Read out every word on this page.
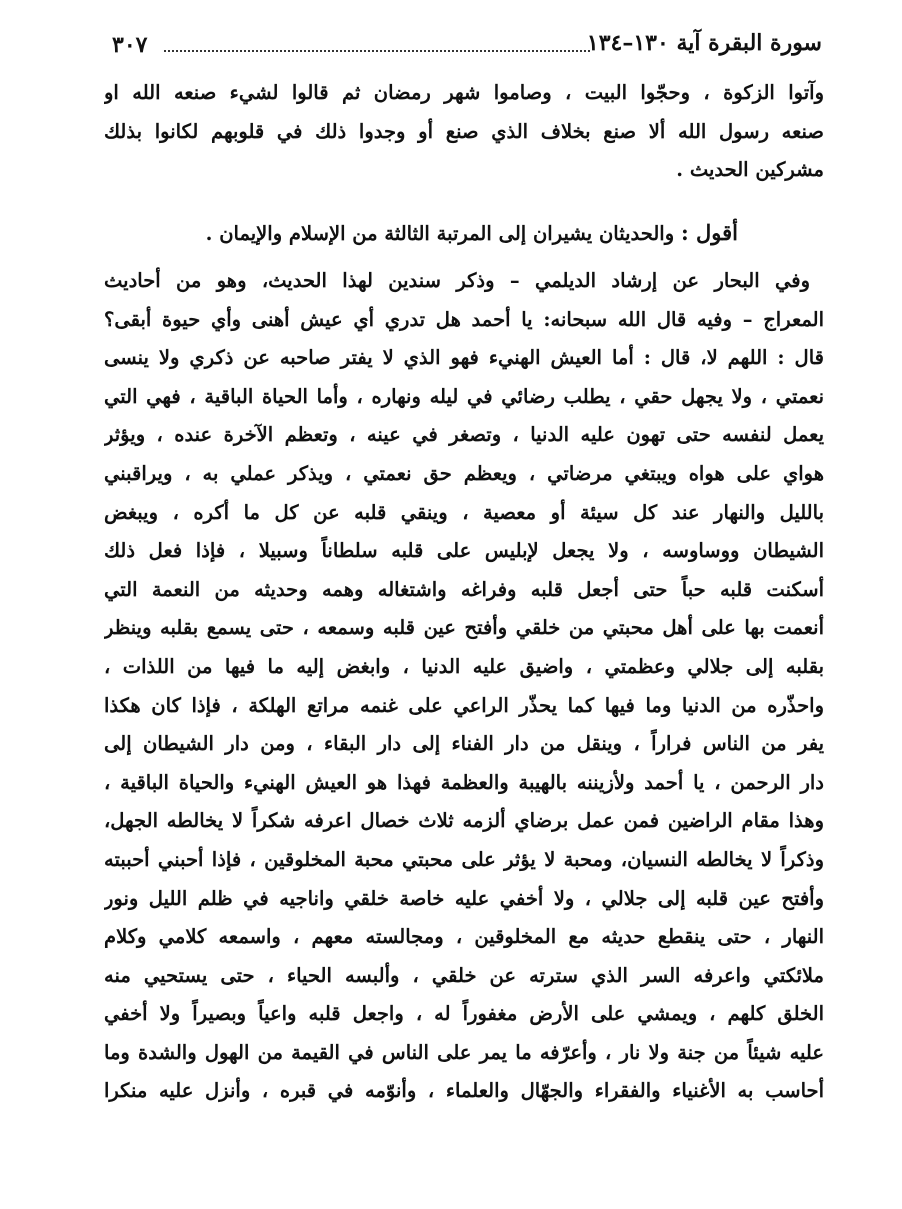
٣٠٧	سورة البقرة آية ١٣٠–١٣٤
وآتوا الزكوة ، وحجّوا البيت ، وصاموا شهر رمضان ثم قالوا لشيء صنعه الله او
صنعه رسول الله ألا صنع بخلاف الذي صنع أو وجدوا ذلك في قلوبهم لكانوا بذلك
مشركين الحديث .
أقول : والحديثان يشيران إلى المرتبة الثالثة من الإسلام والإيمان .
وفي البحار عن إرشاد الديلمي – وذكر سندين لهذا الحديث، وهو من أحاديث
المعراج – وفيه قال الله سبحانه: يا أحمد هل تدري أي عيش أهنى وأي حيوة أبقى؟
قال : اللهم لا، قال : أما العيش الهنيء فهو الذي لا يفتر صاحبه عن ذكري ولا ينسى
نعمتي ، ولا يجهل حقي ، يطلب رضائي في ليله ونهاره ، وأما الحياة الباقية ، فهي التي
يعمل لنفسه حتى تهون عليه الدنيا ، وتصغر في عينه ، وتعظم الآخرة عنده ، ويؤثر
هواي على هواه ويبتغي مرضاتي ، ويعظم حق نعمتي ، ويذكر عملي به ، ويراقبني
بالليل والنهار عند كل سيئة أو معصية ، وينقي قلبه عن كل ما أكره ، ويبغض
الشيطان ووساوسه ، ولا يجعل لإبليس على قلبه سلطاناً وسبيلا ، فإذا فعل ذلك
أسكنت قلبه حباً حتى أجعل قلبه وفراغه واشتغاله وهمه وحديثه من النعمة التي
أنعمت بها على أهل محبتي من خلقي وأفتح عين قلبه وسمعه ، حتى يسمع بقلبه وينظر
بقلبه إلى جلالي وعظمتي ، واضيق عليه الدنيا ، وابغض إليه ما فيها من اللذات ،
واحذّره من الدنيا وما فيها كما يحذّر الراعي على غنمه مراتع الهلكة ، فإذا كان هكذا
يفر من الناس فراراً ، وينقل من دار الفناء إلى دار البقاء ، ومن دار الشيطان إلى
دار الرحمن ، يا أحمد ولأزيننه بالهيبة والعظمة فهذا هو العيش الهنيء والحياة الباقية ،
وهذا مقام الراضين فمن عمل برضاي ألزمه ثلاث خصال اعرفه شكراً لا يخالطه الجهل،
وذكراً لا يخالطه النسيان، ومحبة لا يؤثر على محبتي محبة المخلوقين ، فإذا أحبني أحببته
وأفتح عين قلبه إلى جلالي ، ولا أخفي عليه خاصة خلقي واناجيه في ظلم الليل ونور
النهار ، حتى ينقطع حديثه مع المخلوقين ، ومجالسته معهم ، واسمعه كلامي وكلام
ملائكتي واعرفه السر الذي سترته عن خلقي ، وألبسه الحياء ، حتى يستحيي منه
الخلق كلهم ، ويمشي على الأرض مغفوراً له ، واجعل قلبه واعياً وبصيراً ولا أخفي
عليه شيئاً من جنة ولا نار ، وأعرّفه ما يمر على الناس في القيمة من الهول والشدة وما
أحاسب به الأغنياء والفقراء والجهّال والعلماء ، وأنوّمه في قبره ، وأنزل عليه منكرا
